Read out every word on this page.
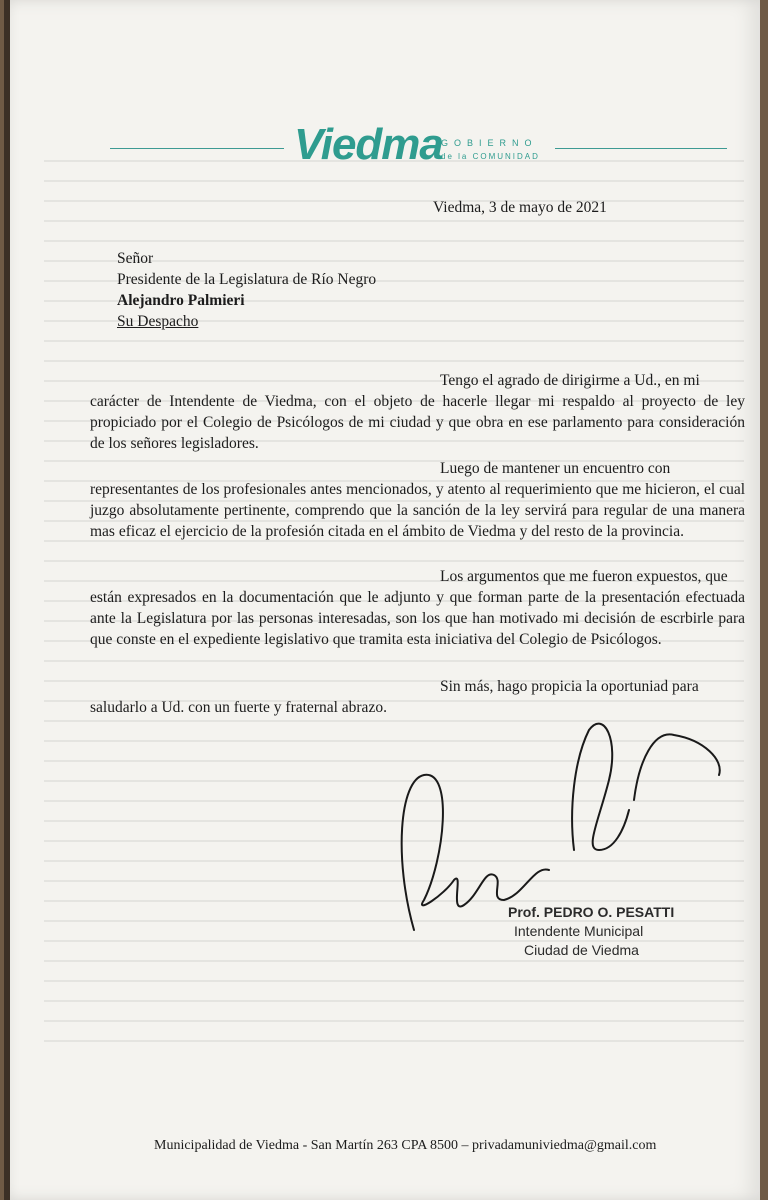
Viedma
GOBIERNO
de la COMUNIDAD
Viedma, 3 de mayo de 2021
Señor
Presidente de la Legislatura de Río Negro
Alejandro Palmieri
Su Despacho
Tengo el agrado de dirigirme a Ud., en mi
carácter de Intendente de Viedma, con el objeto de hacerle llegar mi respaldo al proyecto de ley propiciado por el Colegio de Psicólogos de mi ciudad y que obra en ese parlamento para consideración de los señores legisladores.
Luego de mantener un encuentro con
representantes de los profesionales antes mencionados, y atento al requerimiento que me hicieron, el cual juzgo absolutamente pertinente, comprendo que la sanción de la ley servirá para regular de una manera mas eficaz el ejercicio de la profesión citada en el ámbito de Viedma y del resto de la provincia.
Los argumentos que me fueron expuestos, que
están expresados en la documentación que le adjunto y que forman parte de la presentación efectuada ante la Legislatura por las personas interesadas, son los que han motivado mi decisión de escrbirle para que conste en el expediente legislativo que tramita esta iniciativa del Colegio de Psicólogos.
Sin más, hago propicia la oportuniad para
saludarlo a Ud. con un fuerte y fraternal abrazo.
Prof. PEDRO O. PESATTI
Intendente Municipal
Ciudad de Viedma
Municipalidad de Viedma - San Martín 263 CPA 8500 – privadamuniviedma@gmail.com
